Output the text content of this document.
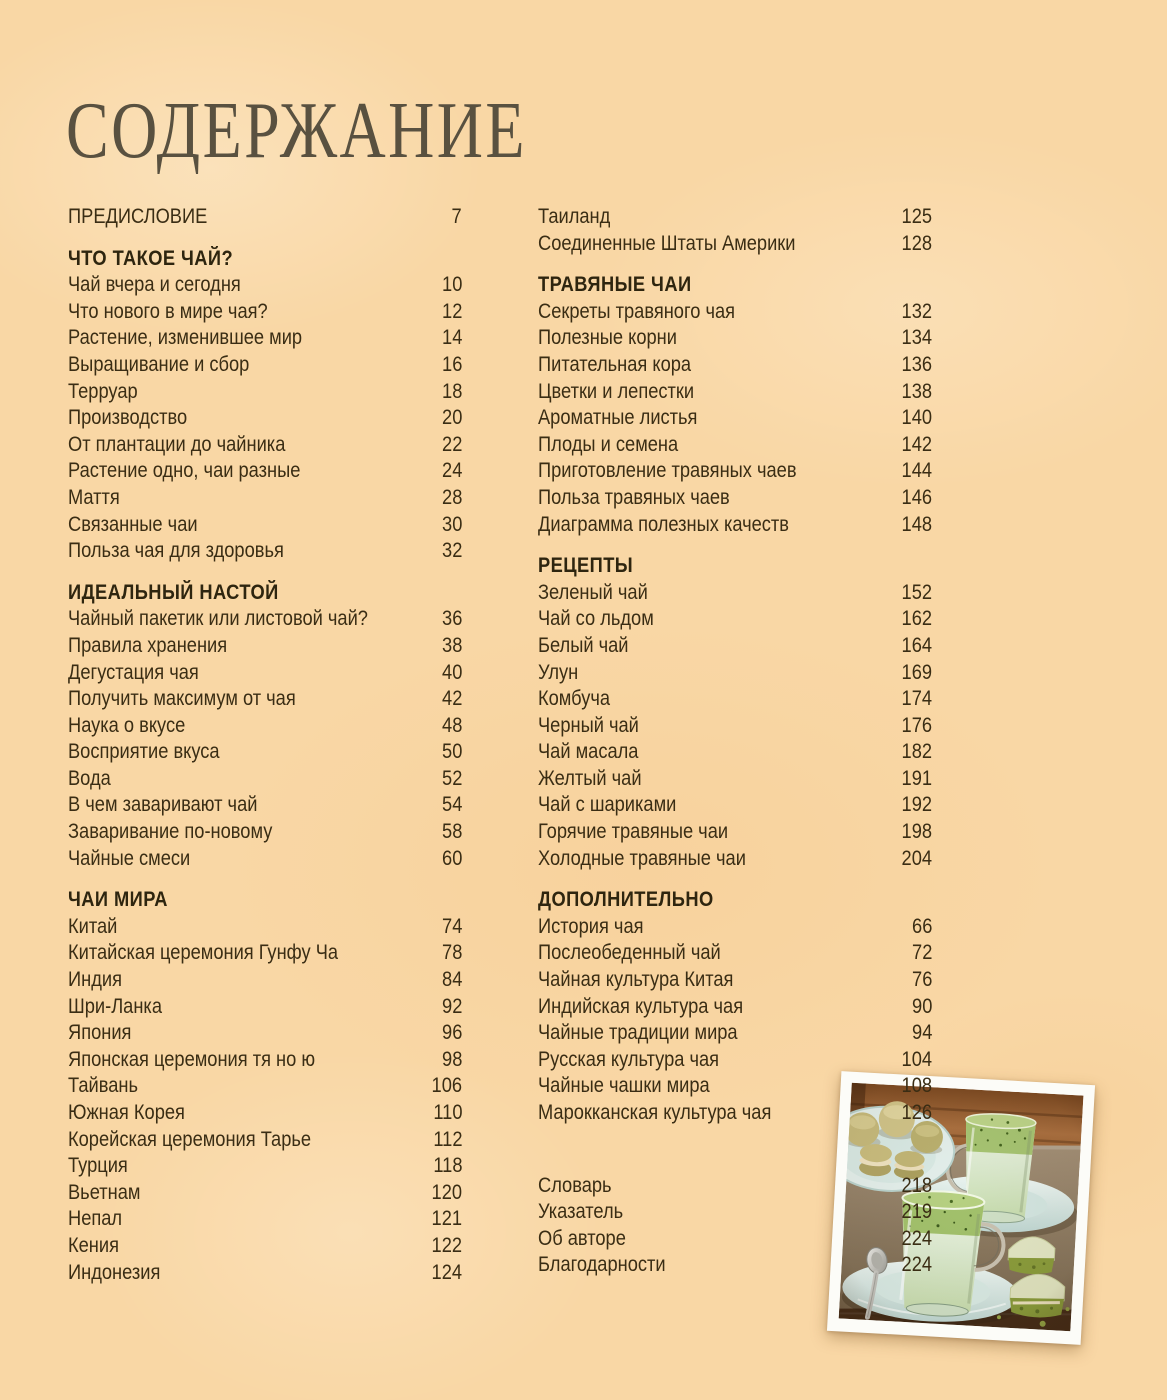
СОДЕРЖАНИЕ
ПРЕДИСЛОВИЕ	7
ЧТО ТАКОЕ ЧАЙ?
Чай вчера и сегодня	10
Что нового в мире чая?	12
Растение, изменившее мир	14
Выращивание и сбор	16
Терруар	18
Производство	20
От плантации до чайника	22
Растение одно, чаи разные	24
Маття	28
Связанные чаи	30
Польза чая для здоровья	32
ИДЕАЛЬНЫЙ НАСТОЙ
Чайный пакетик или листовой чай?	36
Правила хранения	38
Дегустация чая	40
Получить максимум от чая	42
Наука о вкусе	48
Восприятие вкуса	50
Вода	52
В чем заваривают чай	54
Заваривание по-новому	58
Чайные смеси	60
ЧАИ МИРА
Китай	74
Китайская церемония Гунфу Ча	78
Индия	84
Шри-Ланка	92
Япония	96
Японская церемония тя но ю	98
Тайвань	106
Южная Корея	110
Корейская церемония Тарье	112
Турция	118
Вьетнам	120
Непал	121
Кения	122
Индонезия	124
Таиланд	125
Соединенные Штаты Америки	128
ТРАВЯНЫЕ ЧАИ
Секреты травяного чая	132
Полезные корни	134
Питательная кора	136
Цветки и лепестки	138
Ароматные листья	140
Плоды и семена	142
Приготовление травяных чаев	144
Польза травяных чаев	146
Диаграмма полезных качеств	148
РЕЦЕПТЫ
Зеленый чай	152
Чай со льдом	162
Белый чай	164
Улун	169
Комбуча	174
Черный чай	176
Чай масала	182
Желтый чай	191
Чай с шариками	192
Горячие травяные чаи	198
Холодные травяные чаи	204
ДОПОЛНИТЕЛЬНО
История чая	66
Послеобеденный чай	72
Чайная культура Китая	76
Индийская культура чая	90
Чайные традиции мира	94
Русская культура чая	104
Чайные чашки мира	108
Марокканская культура чая	126
Словарь	218
Указатель	219
Об авторе	224
Благодарности	224
